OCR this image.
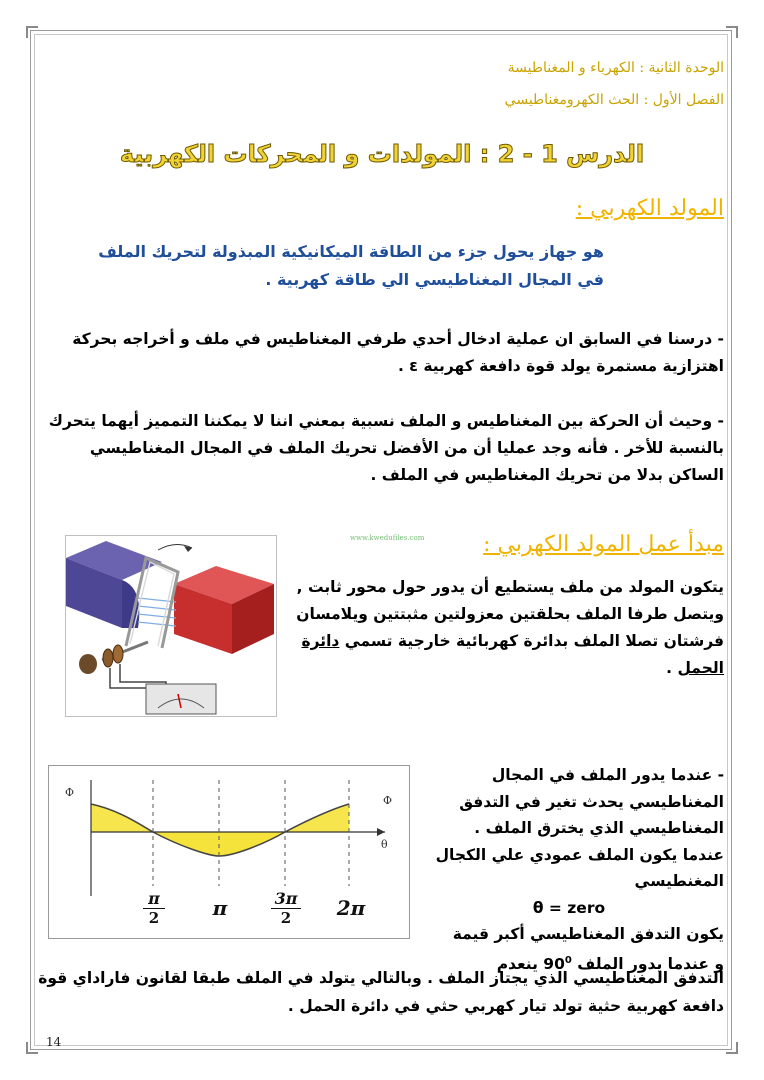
الوحدة الثانية : الكهرباء و المغناطيسة
الفصل الأول : الحث الكهرومغناطيسي
الدرس 1 - 2 : المولدات و المحركات الكهربية
المولد الكهربي :
هو جهاز يحول جزء من الطاقة الميكانيكية المبذولة لتحريك الملف في المجال المغناطيسي الي طاقة كهربية .
- درسنا في السابق ان عملية ادخال أحدي طرفي المغناطيس في ملف و أخراجه بحركة اهتزازية مستمرة يولد قوة دافعة كهربية ε .
- وحيث أن الحركة بين المغناطيس و الملف نسبية بمعني اننا لا يمكننا التمميز أيهما يتحرك بالنسبة للأخر . فأنه وجد عمليا أن من الأفضل تحريك الملف في المجال المغناطيسي الساكن بدلا من تحريك المغناطيس في الملف .
مبدأ عمل المولد الكهربي :
www.kwedufiles.com
يتكون المولد من ملف يستطيع أن يدور حول محور ثابت , ويتصل طرفا الملف بحلقتين معزولتين مثبتتين ويلامسان فرشتان تصلا الملف بدائرة كهربائية خارجية تسمي دائرة الحمل .
- عندما يدور الملف في المجال المغناطيسي يحدث تغير في التدفق المغناطيسي الذي يخترق الملف .
عندما يكون الملف عمودي علي الكجال المغنطيسي
θ = zero
يكون التدفق المغناطيسي أكبر قيمة
و عندما يدور الملف $90^0$ ينعدم
التدفق المغناطيسي الذي يجتاز الملف . وبالتالي يتولد في الملف طبقا لقانون فاراداي قوة دافعة كهربية حثية تولد تيار كهربي حثي في دائرة الحمل .
Φ
Φ
θ
π
2	π	3π
2	2π
14
